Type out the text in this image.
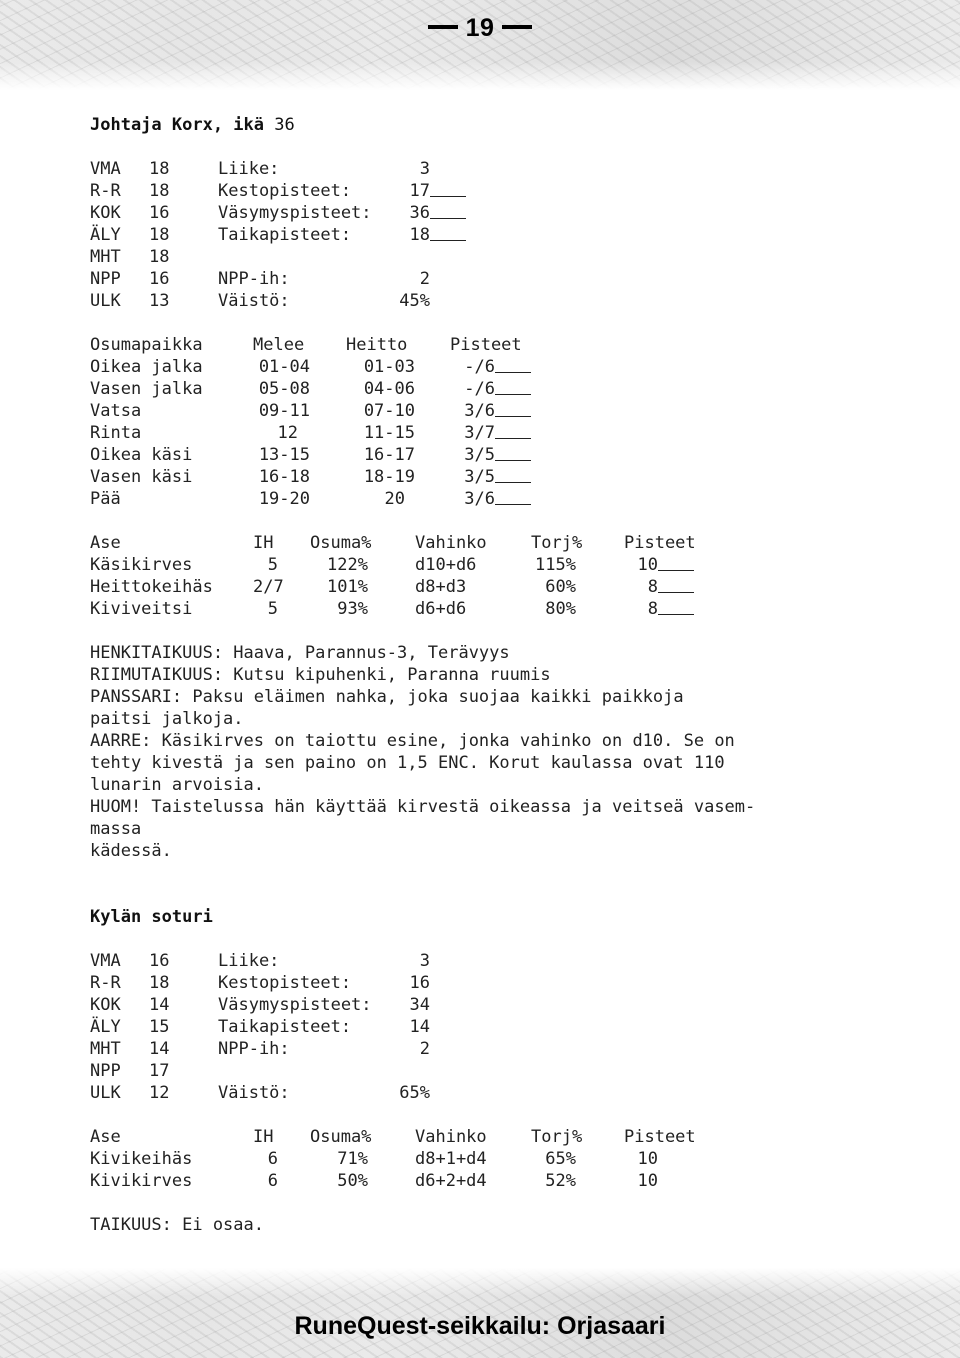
19
Johtaja Korx, ikä 36
VMA 18	Liike:	3
R-R 18	Kestopisteet:	17
KOK 16	Väsymyspisteet:	36
ÄLY 18	Taikapisteet:	18
MHT 18
NPP 16	NPP-ih:	2
ULK 13	Väistö:	45%
Osumapaikka	Melee Heitto	Pisteet
Oikea jalka	01-04	01-03	-/6
Vasen jalka	05-08	04-06	-/6
Vatsa	09-11	07-10	3/6
Rinta	12	11-15	3/7
Oikea käsi	13-15	16-17	3/5
Vasen käsi	16-18	18-19	3/5
Pää	19-20	20	3/6
Ase	IH Osuma%	Vahinko	Torj% Pisteet
Käsikirves	5	122%	d10+d6	115%	10
Heittokeihäs 2/7	101%	d8+d3	60%	8
Kiviveitsi	5	93%	d6+d6	80%	8
HENKITAIKUUS: Haava, Parannus-3, Terävyys
RIIMUTAIKUUS: Kutsu kipuhenki, Paranna ruumis
PANSSARI: Paksu eläimen nahka, joka suojaa kaikki paikkoja
paitsi jalkoja.
AARRE: Käsikirves on taiottu esine, jonka vahinko on d10. Se on
tehty kivestä ja sen paino on 1,5 ENC. Korut kaulassa ovat 110
lunarin arvoisia.
HUOM! Taistelussa hän käyttää kirvestä oikeassa ja veitseä vasem-
massa
kädessä.
Kylän soturi
VMA 16	Liike:	3
R-R 18	Kestopisteet:	16
KOK 14	Väsymyspisteet:	34
ÄLY 15	Taikapisteet:	14
MHT 14	NPP-ih:	2
NPP 17
ULK 12	Väistö:	65%
Ase	IH Osuma%	Vahinko	Torj% Pisteet
Kivikeihäs	6	71%	d8+1+d4	65%	10
Kivikirves	6	50%	d6+2+d4	52%	10
TAIKUUS: Ei osaa.
RuneQuest-seikkailu: Orjasaari
